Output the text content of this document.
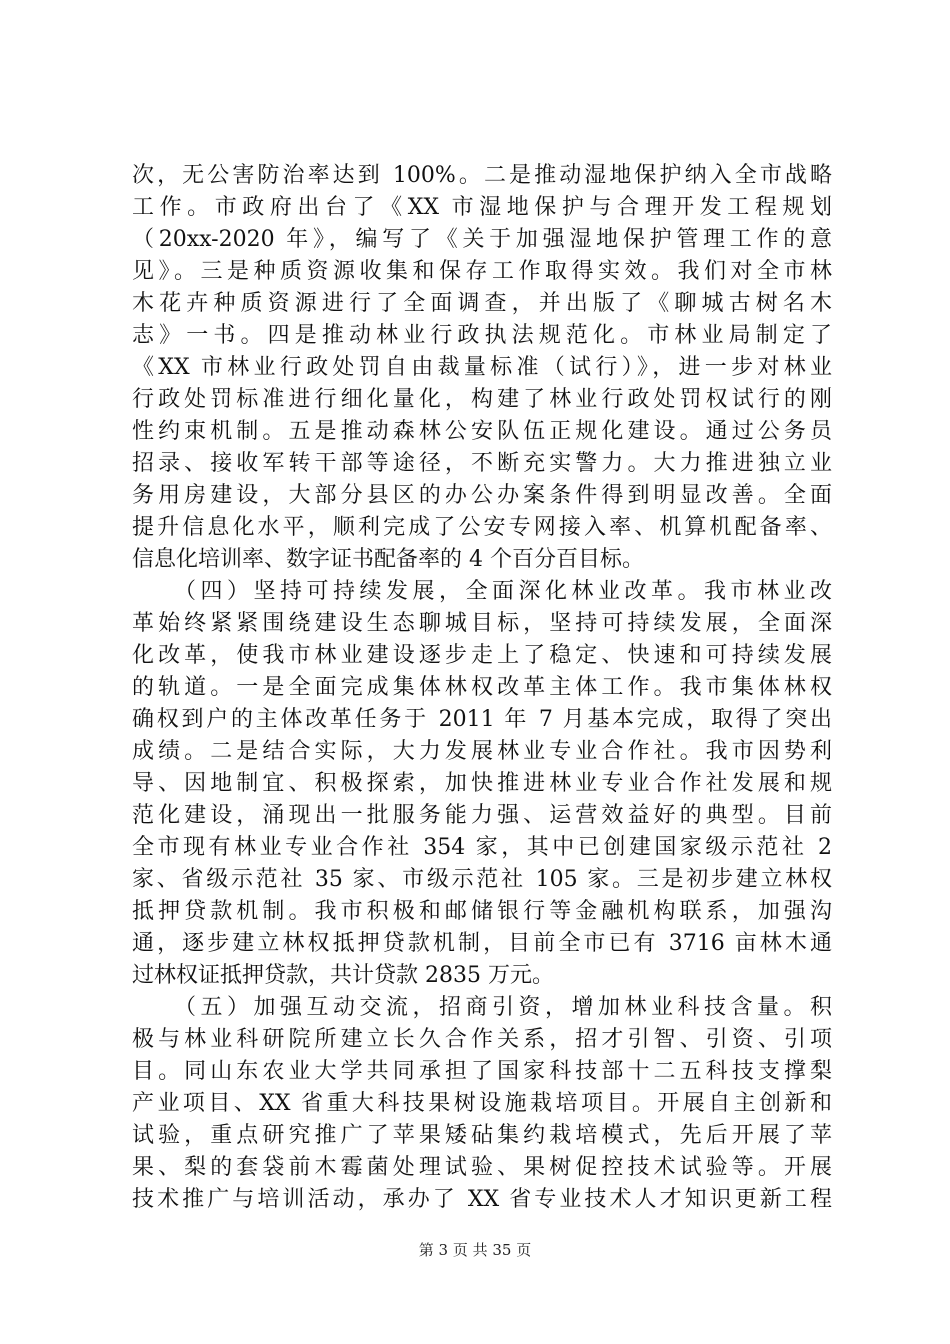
次，无公害防治率达到 100%。二是推动湿地保护纳入全市战略
工作。市政府出台了《XX 市湿地保护与合理开发工程规划
（20xx-2020 年》，编写了《关于加强湿地保护管理工作的意
见》。三是种质资源收集和保存工作取得实效。我们对全市林
木花卉种质资源进行了全面调查，并出版了《聊城古树名木
志》一书。四是推动林业行政执法规范化。市林业局制定了
《XX 市林业行政处罚自由裁量标准（试行）》，进一步对林业
行政处罚标准进行细化量化，构建了林业行政处罚权试行的刚
性约束机制。五是推动森林公安队伍正规化建设。通过公务员
招录、接收军转干部等途径，不断充实警力。大力推进独立业
务用房建设，大部分县区的办公办案条件得到明显改善。全面
提升信息化水平，顺利完成了公安专网接入率、机算机配备率、
信息化培训率、数字证书配备率的 4 个百分百目标。
　　（四）坚持可持续发展，全面深化林业改革。我市林业改
革始终紧紧围绕建设生态聊城目标，坚持可持续发展，全面深
化改革，使我市林业建设逐步走上了稳定、快速和可持续发展
的轨道。一是全面完成集体林权改革主体工作。我市集体林权
确权到户的主体改革任务于 2011 年 7 月基本完成，取得了突出
成绩。二是结合实际，大力发展林业专业合作社。我市因势利
导、因地制宜、积极探索，加快推进林业专业合作社发展和规
范化建设，涌现出一批服务能力强、运营效益好的典型。目前
全市现有林业专业合作社 354 家，其中已创建国家级示范社 2
家、省级示范社 35 家、市级示范社 105 家。三是初步建立林权
抵押贷款机制。我市积极和邮储银行等金融机构联系，加强沟
通，逐步建立林权抵押贷款机制，目前全市已有 3716 亩林木通
过林权证抵押贷款，共计贷款 2835 万元。
　　（五）加强互动交流，招商引资，增加林业科技含量。积
极与林业科研院所建立长久合作关系，招才引智、引资、引项
目。同山东农业大学共同承担了国家科技部十二五科技支撑梨
产业项目、XX 省重大科技果树设施栽培项目。开展自主创新和
试验，重点研究推广了苹果矮砧集约栽培模式，先后开展了苹
果、梨的套袋前木霉菌处理试验、果树促控技术试验等。开展
技术推广与培训活动，承办了 XX 省专业技术人才知识更新工程
第 3 页 共 35 页
